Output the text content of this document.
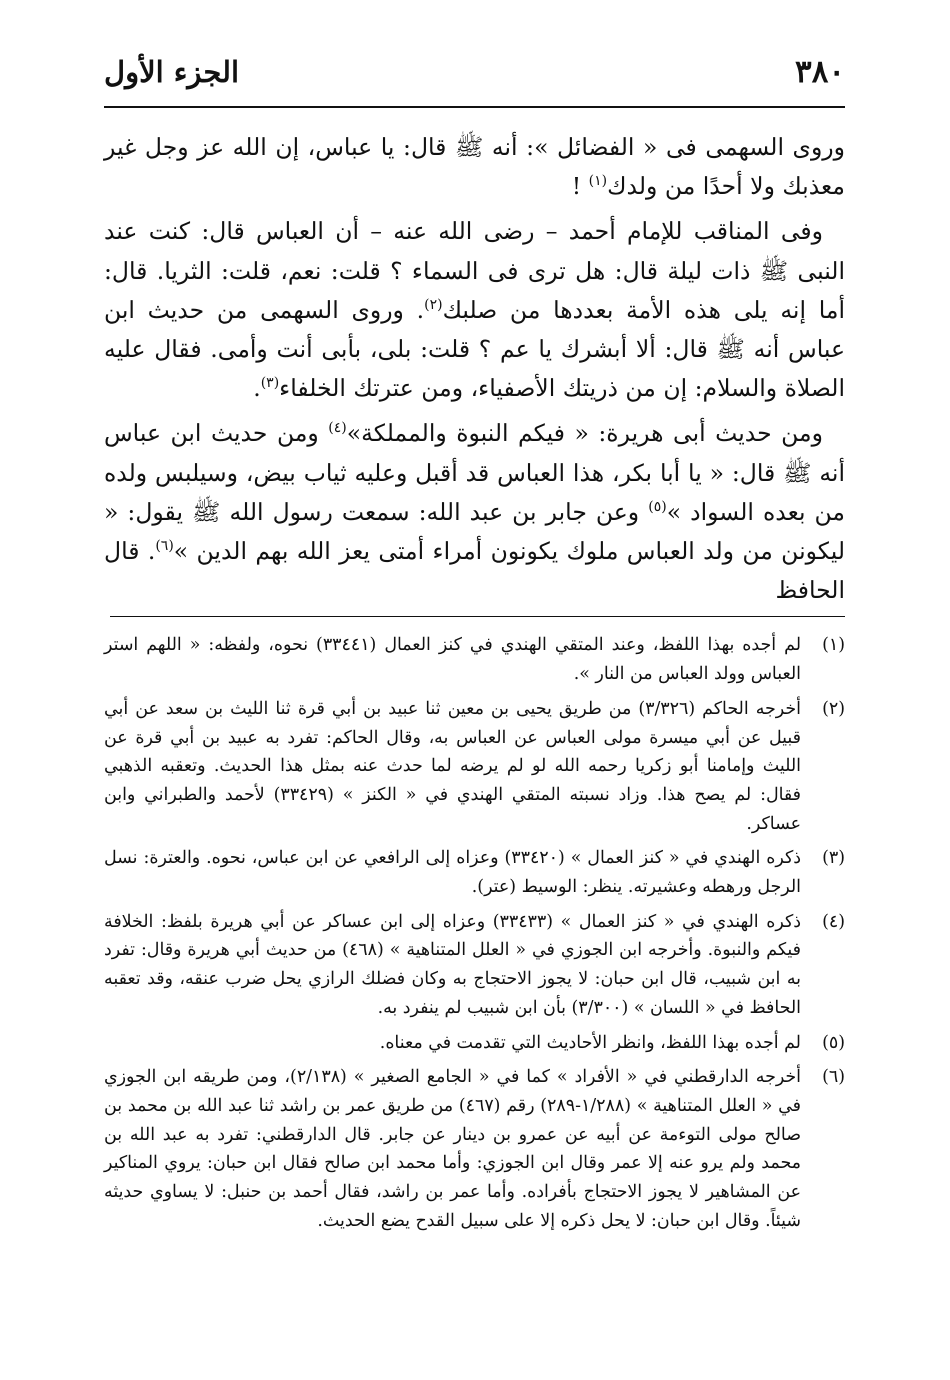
٣٨٠
الجزء الأول

وروى السهمى فى « الفضائل »: أنه ﷺ قال: يا عباس، إن الله عز وجل غير معذبك ولا أحدًا من ولدك$^{(١)}$ !

وفى المناقب للإمام أحمد – رضى الله عنه – أن العباس قال: كنت عند النبى ﷺ ذات ليلة قال: هل ترى فى السماء ؟ قلت: نعم، قلت: الثريا. قال: أما إنه يلى هذه الأمة بعددها من صلبك$^{(٢)}$. وروى السهمى من حديث ابن عباس أنه ﷺ قال: ألا أبشرك يا عم ؟ قلت: بلى، بأبى أنت وأمى. فقال عليه الصلاة والسلام: إن من ذريتك الأصفياء، ومن عترتك الخلفاء$^{(٣)}$.

ومن حديث أبى هريرة: « فيكم النبوة والمملكة»$^{(٤)}$ ومن حديث ابن عباس أنه ﷺ قال: « يا أبا بكر، هذا العباس قد أقبل وعليه ثياب بيض، وسيلبس ولده من بعده السواد »$^{(٥)}$ وعن جابر بن عبد الله: سمعت رسول الله ﷺ يقول: « ليكونن من ولد العباس ملوك يكونون أمراء أمتى يعز الله بهم الدين »$^{(٦)}$. قال الحافظ

(١)
لم أجده بهذا اللفظ، وعند المتقي الهندي في كنز العمال (٣٣٤٤١) نحوه، ولفظه: « اللهم استر العباس وولد العباس من النار ».
(٢)
أخرجه الحاكم (٣/٣٢٦) من طريق يحيى بن معين ثنا عبيد بن أبي قرة ثنا الليث بن سعد عن أبي قبيل عن أبي ميسرة مولى العباس عن العباس به، وقال الحاكم: تفرد به عبيد بن أبي قرة عن الليث وإمامنا أبو زكريا رحمه الله لو لم يرضه لما حدث عنه بمثل هذا الحديث. وتعقبه الذهبي فقال: لم يصح هذا. وزاد نسبته المتقي الهندي في « الكنز » (٣٣٤٢٩) لأحمد والطبراني وابن عساكر.
(٣)
ذكره الهندي في « كنز العمال » (٣٣٤٢٠) وعزاه إلى الرافعي عن ابن عباس، نحوه. والعترة: نسل الرجل ورهطه وعشيرته. ينظر: الوسيط (عتر).
(٤)
ذكره الهندي في « كنز العمال » (٣٣٤٣٣) وعزاه إلى ابن عساكر عن أبي هريرة بلفظ: الخلافة فيكم والنبوة. وأخرجه ابن الجوزي في « العلل المتناهية » (٤٦٨) من حديث أبي هريرة وقال: تفرد به ابن شبيب، قال ابن حبان: لا يجوز الاحتجاج به وكان فضلك الرازي يحل ضرب عنقه، وقد تعقبه الحافظ في « اللسان » (٣/٣٠٠) بأن ابن شبيب لم ينفرد به.
(٥)
لم أجده بهذا اللفظ، وانظر الأحاديث التي تقدمت في معناه.
(٦)
أخرجه الدارقطني في « الأفراد » كما في « الجامع الصغير » (٢/١٣٨)، ومن طريقه ابن الجوزي في « العلل المتناهية » (١/٢٨٨-٢٨٩) رقم (٤٦٧) من طريق عمر بن راشد ثنا عبد الله بن محمد بن صالح مولى التوءمة عن أبيه عن عمرو بن دينار عن جابر. قال الدارقطني: تفرد به عبد الله بن محمد ولم يرو عنه إلا عمر وقال ابن الجوزي: وأما محمد ابن صالح فقال ابن حبان: يروي المناكير عن المشاهير لا يجوز الاحتجاج بأفراده. وأما عمر بن راشد، فقال أحمد بن حنبل: لا يساوي حديثه شيئاً. وقال ابن حبان: لا يحل ذكره إلا على سبيل القدح يضع الحديث.
